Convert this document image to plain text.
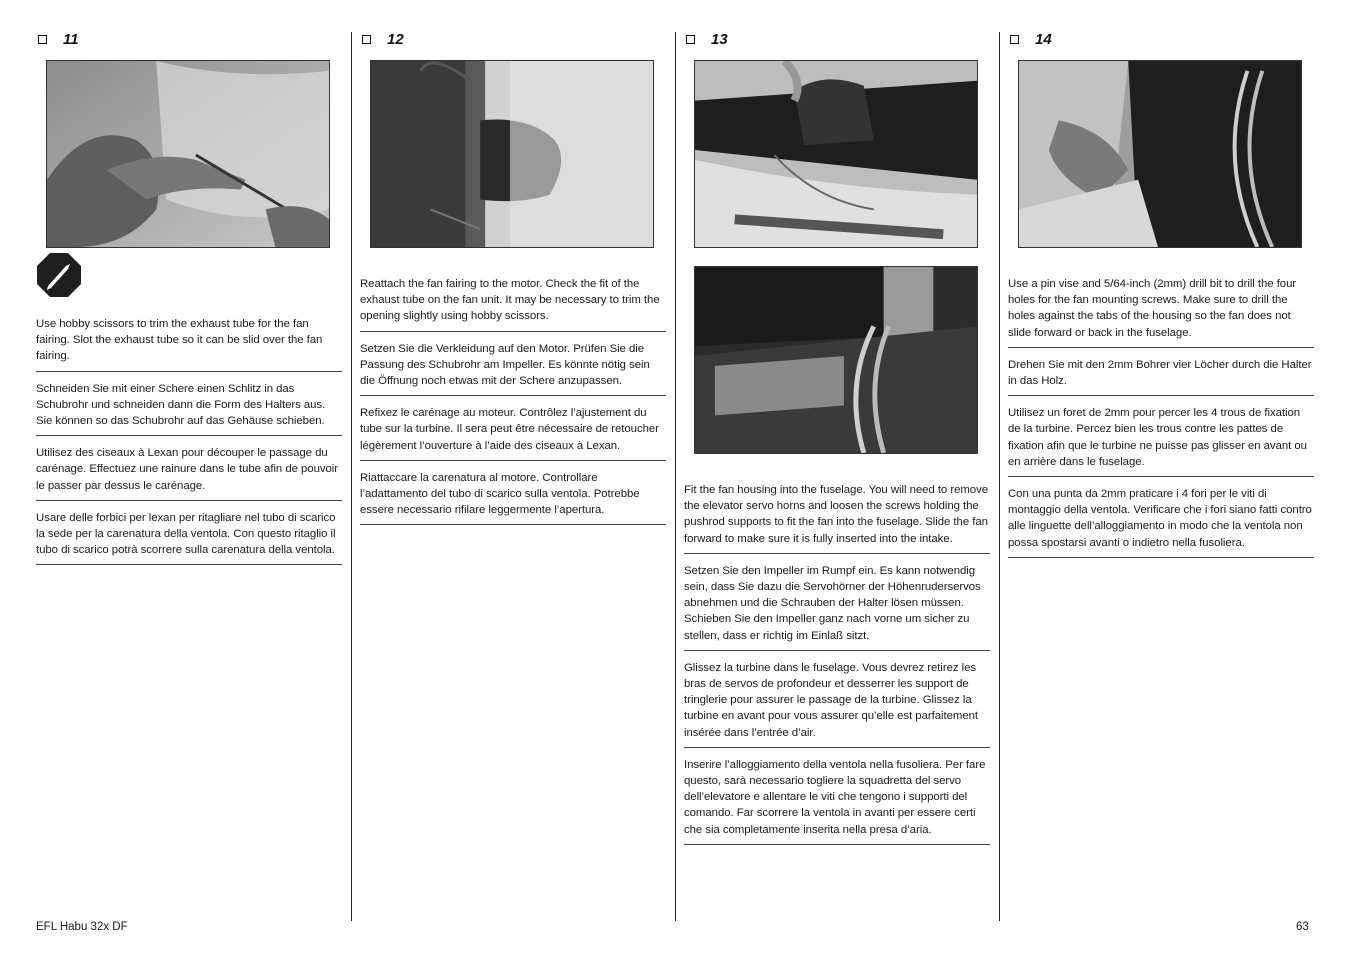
11
Use hobby scissors to trim the exhaust tube for the fan fairing. Slot the exhaust tube so it can be slid over the fan fairing.
Schneiden Sie mit einer Schere einen Schlitz in das Schubrohr und schneiden dann die Form des Halters aus. Sie können so das Schubrohr auf das Gehäuse schieben.
Utilisez des ciseaux à Lexan pour découper le passage du carénage. Effectuez une rainure dans le tube afin de pouvoir le passer par dessus le carénage.
Usare delle forbici per lexan per ritagliare nel tubo di scarico la sede per la carenatura della ventola. Con questo ritaglio il tubo di scarico potrà scorrere sulla carenatura della ventola.
12
Reattach the fan fairing to the motor. Check the fit of the exhaust tube on the fan unit. It may be necessary to trim the opening slightly using hobby scissors.
Setzen Sie die Verkleidung auf den Motor. Prüfen Sie die Passung des Schubrohr am Impeller. Es könnte nötig sein die Öffnung noch etwas mit der Schere anzupassen.
Refixez le carénage au moteur. Contrôlez l’ajustement du tube sur la turbine. Il sera peut être nécessaire de retoucher légèrement l’ouverture à l’aide des ciseaux à Lexan.
Riattaccare la carenatura al motore. Controllare l’adattamento del tubo di scarico sulla ventola. Potrebbe essere necessario rifilare leggermente l’apertura.
13
Fit the fan housing into the fuselage. You will need to remove the elevator servo horns and loosen the screws holding the pushrod supports to fit the fan into the fuselage. Slide the fan forward to make sure it is fully inserted into the intake.
Setzen Sie den Impeller im Rumpf ein. Es kann notwendig sein, dass Sie dazu die Servohörner der Höhenruderservos abnehmen und die Schrauben der Halter lösen müssen. Schieben Sie den Impeller ganz nach vorne um sicher zu stellen, dass er richtig im Einlaß sitzt.
Glissez la turbine dans le fuselage. Vous devrez retirez les bras de servos de profondeur et desserrer les support de tringlerie pour assurer le passage de la turbine. Glissez la turbine en avant pour vous assurer qu’elle est parfaitement insérée dans l’entrée d’air.
Inserire l’alloggiamento della ventola nella fusoliera. Per fare questo, sarà necessario togliere la squadretta del servo dell’elevatore e allentare le viti che tengono i supporti del comando. Far scorrere la ventola in avanti per essere certi che sia completamente inserita nella presa d’aria.
14
Use a pin vise and 5/64-inch (2mm) drill bit to drill the four holes for the fan mounting screws. Make sure to drill the holes against the tabs of the housing so the fan does not slide forward or back in the fuselage.
Drehen Sie mit den 2mm Bohrer vier Löcher durch die Halter in das Holz.
Utilisez un foret de 2mm pour percer les 4 trous de fixation de la turbine. Percez bien les trous contre les pattes de fixation afin que le turbine ne puisse pas glisser en avant ou en arrière dans le fuselage.
Con una punta da 2mm praticare i 4 fori per le viti di montaggio della ventola. Verificare che i fori siano fatti contro alle linguette dell’alloggiamento in modo che la ventola non possa spostarsi avanti o indietro nella fusoliera.
EFL Habu 32x DF	63
